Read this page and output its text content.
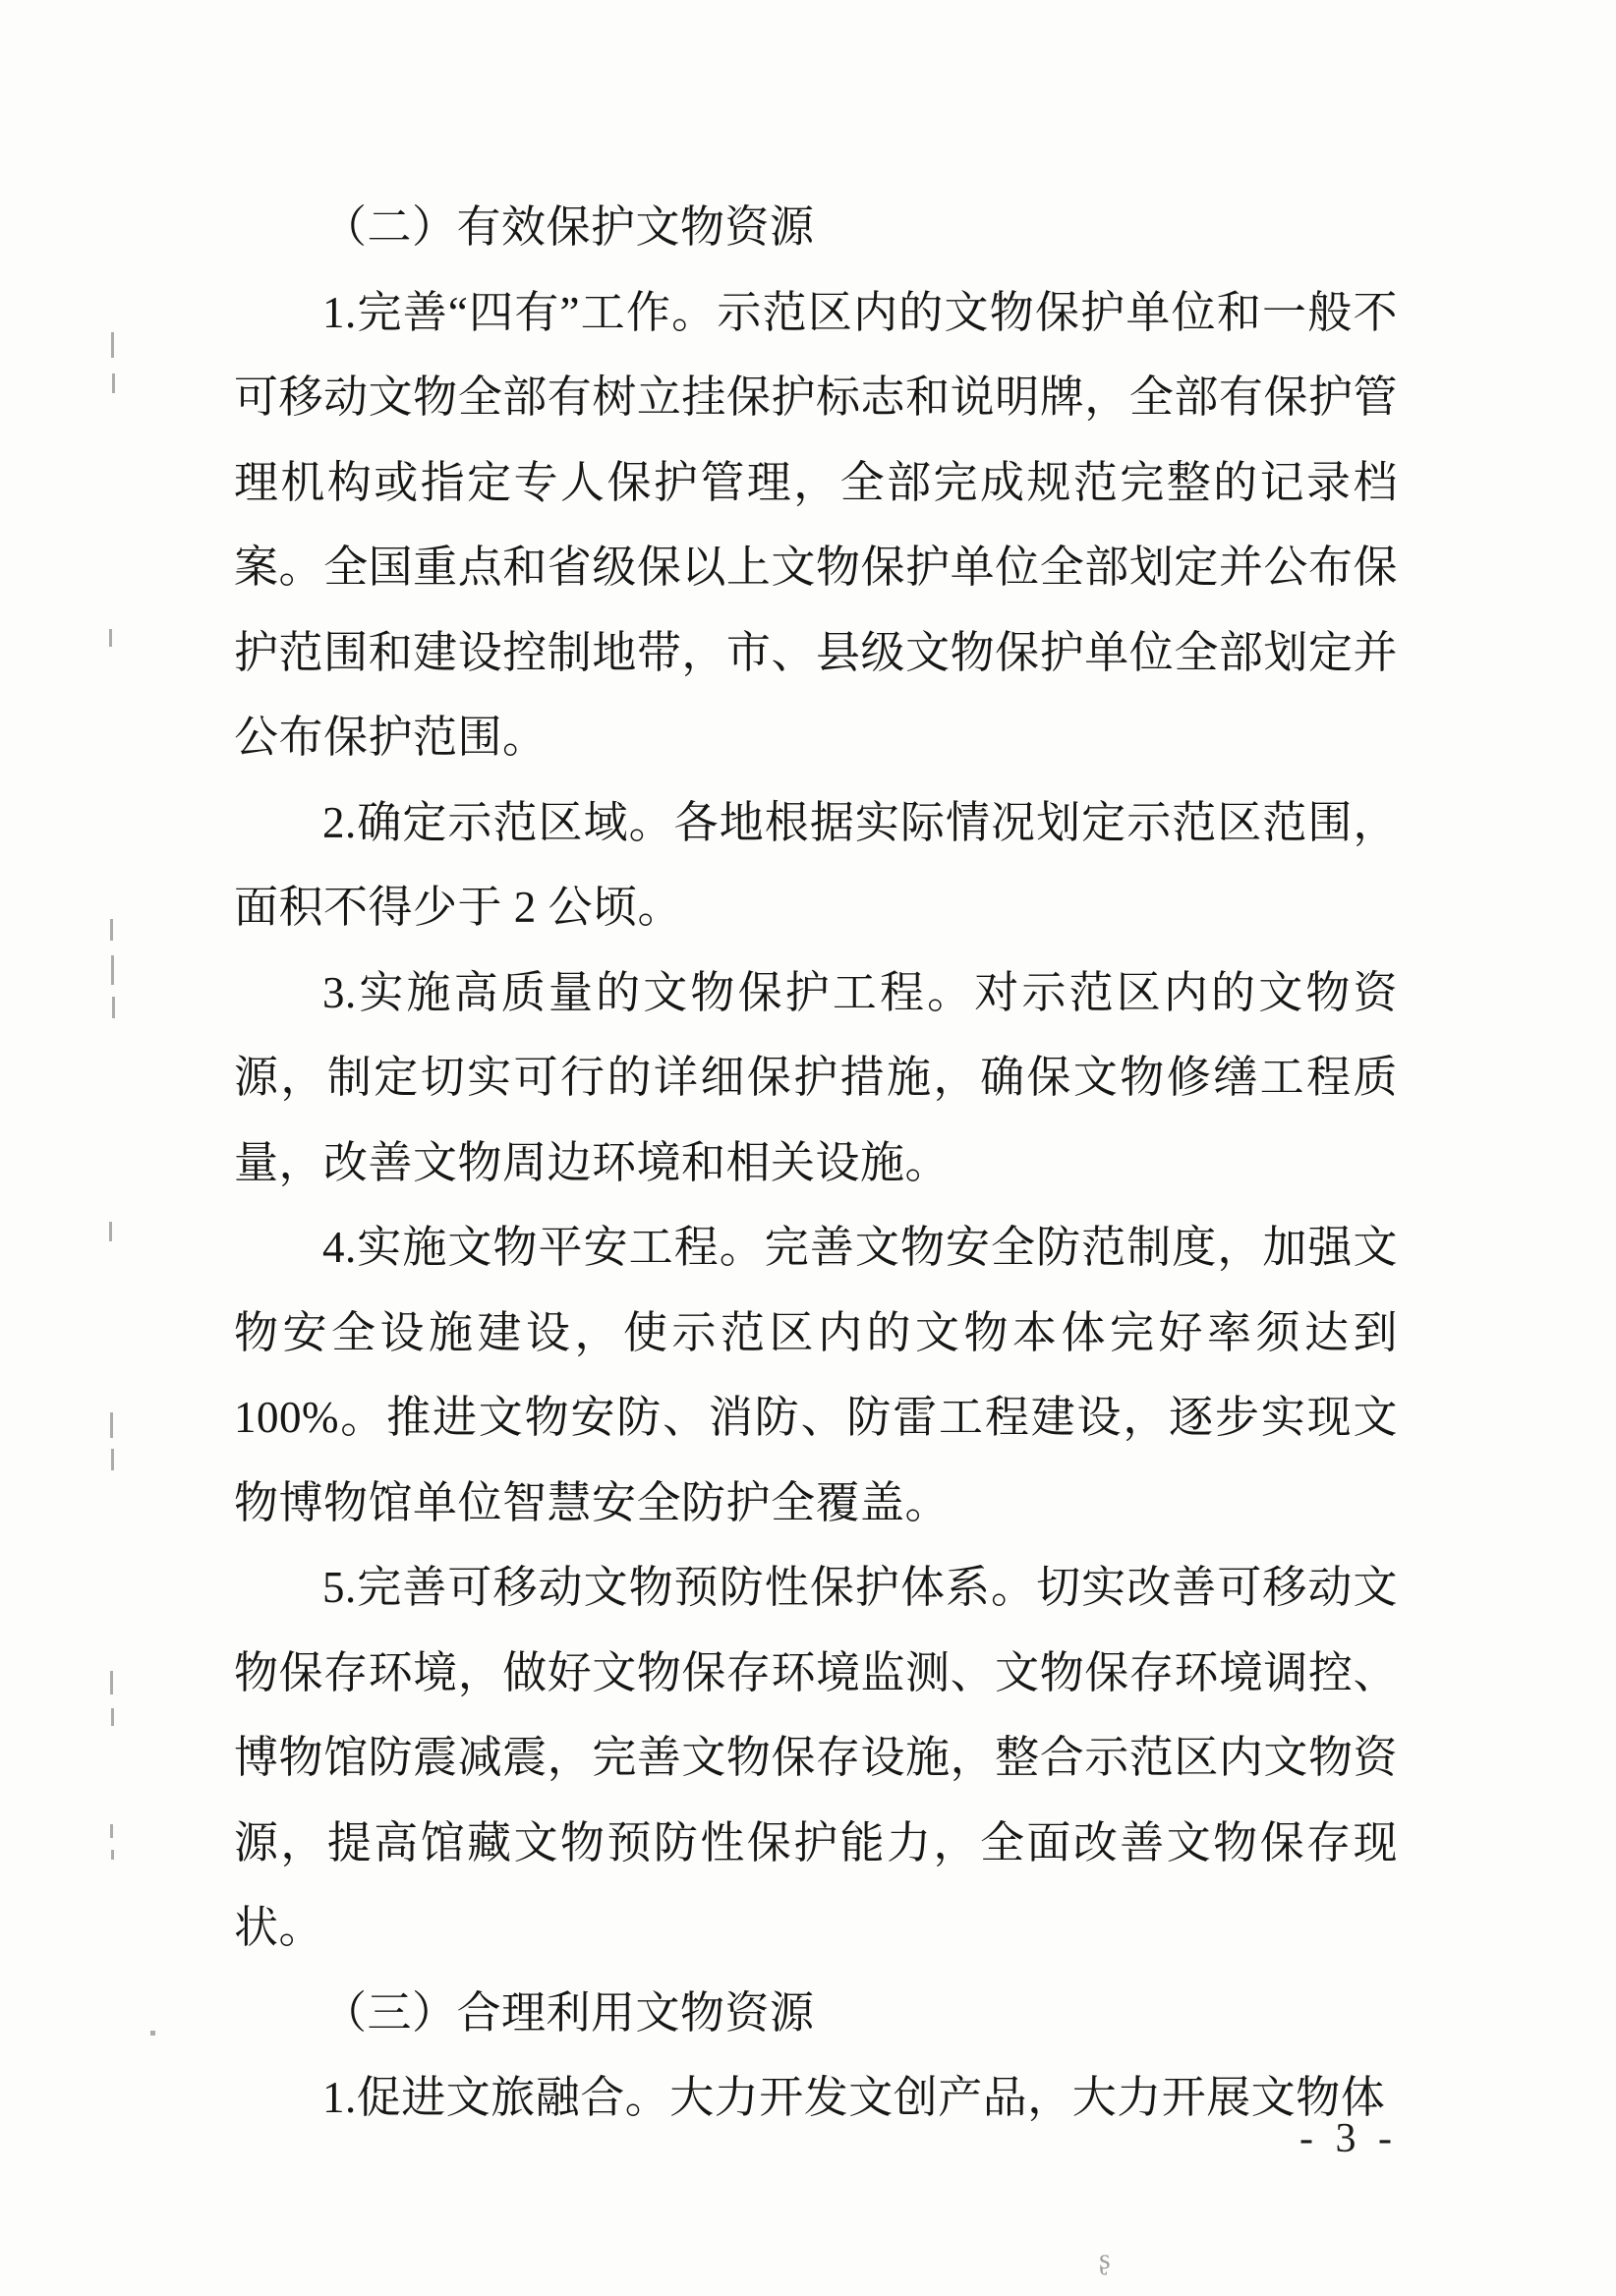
（二）有效保护文物资源

1.完善“四有”工作。示范区内的文物保护单位和一般不可移动文物全部有树立挂保护标志和说明牌，全部有保护管理机构或指定专人保护管理，全部完成规范完整的记录档案。全国重点和省级保以上文物保护单位全部划定并公布保护范围和建设控制地带，市、县级文物保护单位全部划定并公布保护范围。

2.确定示范区域。各地根据实际情况划定示范区范围，面积不得少于 2 公顷。

3.实施高质量的文物保护工程。对示范区内的文物资源，制定切实可行的详细保护措施，确保文物修缮工程质量，改善文物周边环境和相关设施。

4.实施文物平安工程。完善文物安全防范制度，加强文物安全设施建设，使示范区内的文物本体完好率须达到100%。推进文物安防、消防、防雷工程建设，逐步实现文物博物馆单位智慧安全防护全覆盖。

5.完善可移动文物预防性保护体系。切实改善可移动文物保存环境，做好文物保存环境监测、文物保存环境调控、博物馆防震减震，完善文物保存设施，整合示范区内文物资源，提高馆藏文物预防性保护能力，全面改善文物保存现状。

（三）合理利用文物资源

1.促进文旅融合。大力开发文创产品，大力开展文物体

- 3 -
ʂ
